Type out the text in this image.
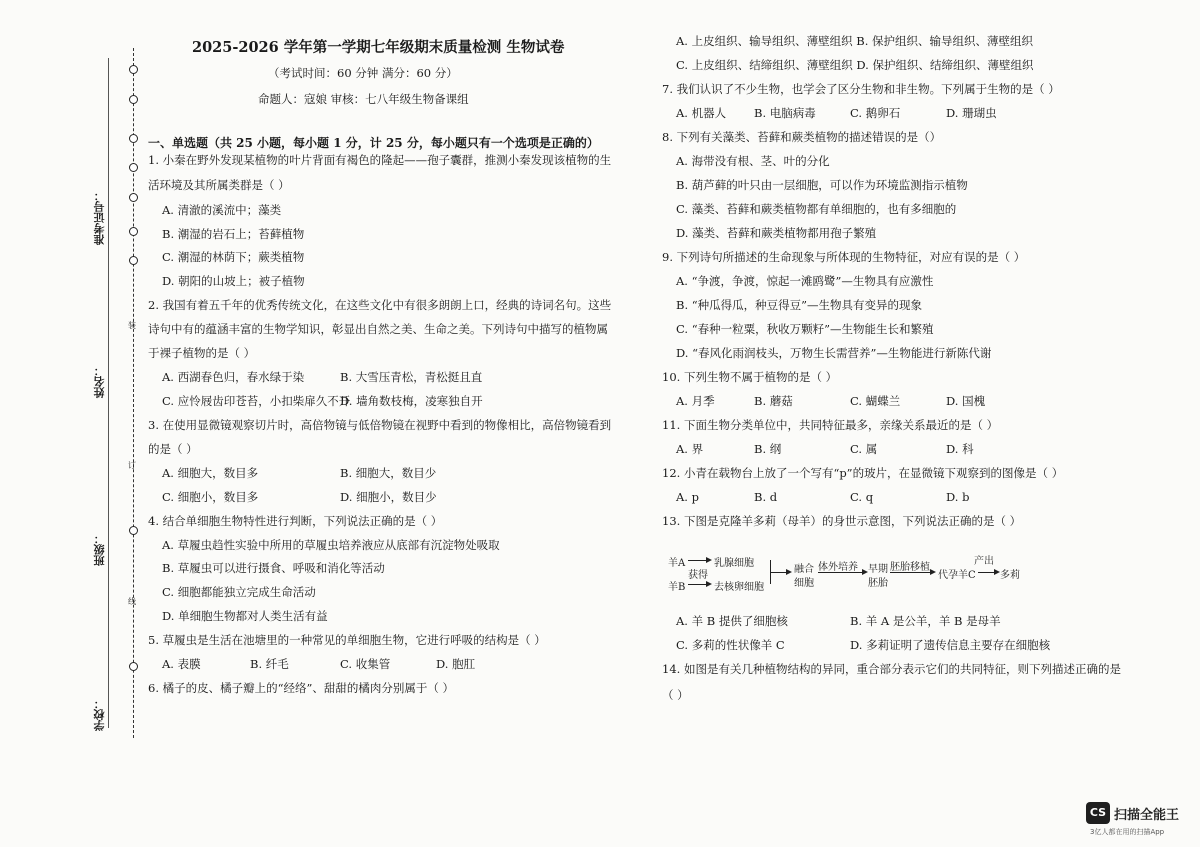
装
订
线
准考证号：
姓名：
班级：
学校：
2025-2026 学年第一学期七年级期末质量检测 生物试卷
（考试时间：60 分钟 满分：60 分）
命题人：寇娘 审核：七八年级生物备课组
一、单选题（共 25 小题，每小题 1 分，计 25 分，每小题只有一个选项是正确的）
1. 小秦在野外发现某植物的叶片背面有褐色的隆起——孢子囊群，推测小秦发现该植物的生
活环境及其所属类群是（ ）
A. 清澈的溪流中；藻类
B. 潮湿的岩石上；苔藓植物
C. 潮湿的林荫下；蕨类植物
D. 朝阳的山坡上；被子植物
2. 我国有着五千年的优秀传统文化，在这些文化中有很多朗朗上口，经典的诗词名句。这些
诗句中有的蕴涵丰富的生物学知识，彰显出自然之美、生命之美。下列诗句中描写的植物属
于裸子植物的是（ ）
A. 西湖春色归，春水绿于染	B. 大雪压青松，青松挺且直
C. 应怜屐齿印苍苔，小扣柴扉久不开
D. 墙角数枝梅，凌寒独自开
3. 在使用显微镜观察切片时，高倍物镜与低倍物镜在视野中看到的物像相比，高倍物镜看到
的是（ ）
A. 细胞大，数目多	B. 细胞大，数目少
C. 细胞小，数目多	D. 细胞小，数目少
4. 结合单细胞生物特性进行判断，下列说法正确的是（ ）
A. 草履虫趋性实验中所用的草履虫培养液应从底部有沉淀物处吸取
B. 草履虫可以进行摄食、呼吸和消化等活动
C. 细胞都能独立完成生命活动
D. 单细胞生物都对人类生活有益
5. 草履虫是生活在池塘里的一种常见的单细胞生物，它进行呼吸的结构是（ ）
A. 表膜	B. 纤毛	C. 收集管	D. 胞肛
6. 橘子的皮、橘子瓣上的“经络”、甜甜的橘肉分别属于（ ）
A. 上皮组织、输导组织、薄壁组织 B. 保护组织、输导组织、薄壁组织
C. 上皮组织、结缔组织、薄壁组织 D. 保护组织、结缔组织、薄壁组织
7. 我们认识了不少生物，也学会了区分生物和非生物。下列属于生物的是（ ）
A. 机器人 B. 电脑病毒	C. 鹅卵石	D. 珊瑚虫
8. 下列有关藻类、苔藓和蕨类植物的描述错误的是（）
A. 海带没有根、茎、叶的分化
B. 葫芦藓的叶只由一层细胞，可以作为环境监测指示植物
C. 藻类、苔藓和蕨类植物都有单细胞的，也有多细胞的
D. 藻类、苔藓和蕨类植物都用孢子繁殖
9. 下列诗句所描述的生命现象与所体现的生物特征，对应有误的是（ ）
A. “争渡，争渡，惊起一滩鸥鹭”—生物具有应激性
B. “种瓜得瓜，种豆得豆”—生物具有变异的现象
C. “春种一粒粟，秋收万颗籽”—生物能生长和繁殖
D. “春风化雨润枝头，万物生长需营养”—生物能进行新陈代谢
10. 下列生物不属于植物的是（ ）
A. 月季	B. 蘑菇	C. 蝴蝶兰	D. 国槐
11. 下面生物分类单位中，共同特征最多，亲缘关系最近的是（ ）
A. 界	B. 纲	C. 属	D. 科
12. 小青在载物台上放了一个写有“p”的玻片，在显微镜下观察到的图像是（ ）
A. p	B. d	C. q	D. b
13. 下图是克隆羊多莉（母羊）的身世示意图，下列说法正确的是（ ）
羊A
羊B
获得
乳腺细胞
去核卵细胞
融合
细胞
体外培养 早期
胚胎
胚胎移植
代孕羊C
产出
多莉
A. 羊 B 提供了细胞核	B. 羊 A 是公羊，羊 B 是母羊
C. 多莉的性状像羊 C	D. 多莉证明了遗传信息主要存在细胞核
14. 如图是有关几种植物结构的异同，重合部分表示它们的共同特征，则下列描述正确的是
（ ）
CS 扫描全能王
3亿人都在用的扫描App
